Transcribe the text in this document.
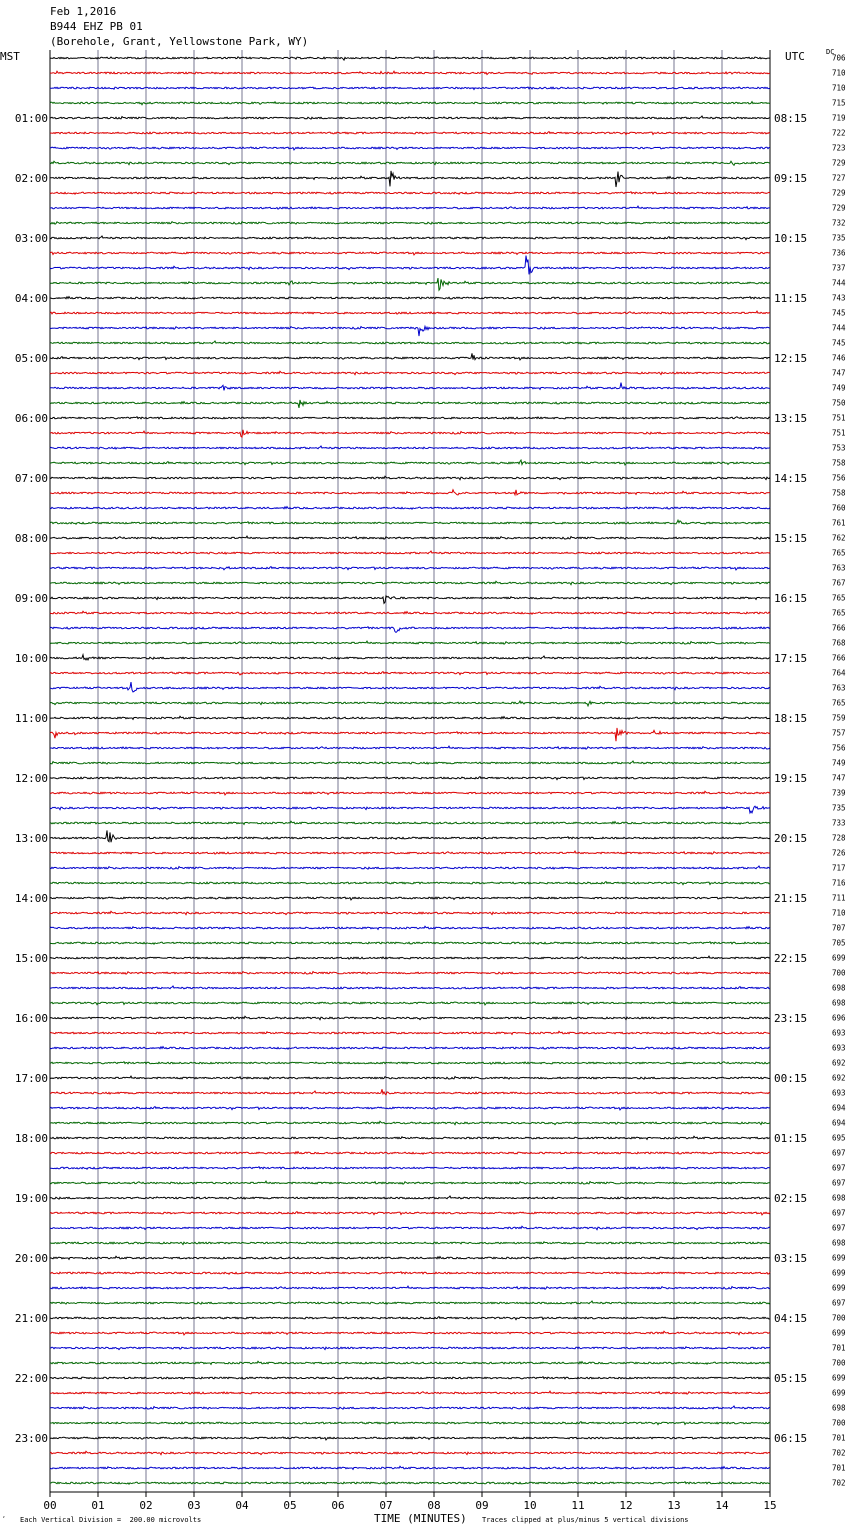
Feb 1,2016
B944 EHZ PB 01
(Borehole, Grant, Yellowstone Park, WY)
MST	UTC	DC
706
710
710
715
719
722
723
729
727
729
729
732
735
736
737
744
743
745
744
745
746
747
749
750
751
751
753
758
756
758
760
761
762
765
763
767
765
765
766
768
766
764
763
765
759
757
756
749
747
739
735
733
728
726
717
716
711
710
707
705
699
700
698
698
696
693
693
692
692
693
694
694
695
697
697
697
698
697
697
698
699
699
699
697
700
699
701
700
699
699
698
700
701
702
701
702
01:00
02:00
03:00
04:00
05:00
06:00
07:00
08:00
09:00
10:00
11:00
12:00
13:00
14:00
15:00
16:00
17:00
18:00
19:00
20:00
21:00
22:00
23:00
08:15
09:15
10:15
11:15
12:15
13:15
14:15
15:15
16:15
17:15
18:15
19:15
20:15
21:15
22:15
23:15
00:15
01:15
02:15
03:15
04:15
05:15
06:15
00	01	02	03	04	05	06	07	08	09	10	11	12	13	14	15
‘ Each Vertical Division =  200.00 microvolts	TIME (MINUTES) Traces clipped at plus/minus 5 vertical divisions
